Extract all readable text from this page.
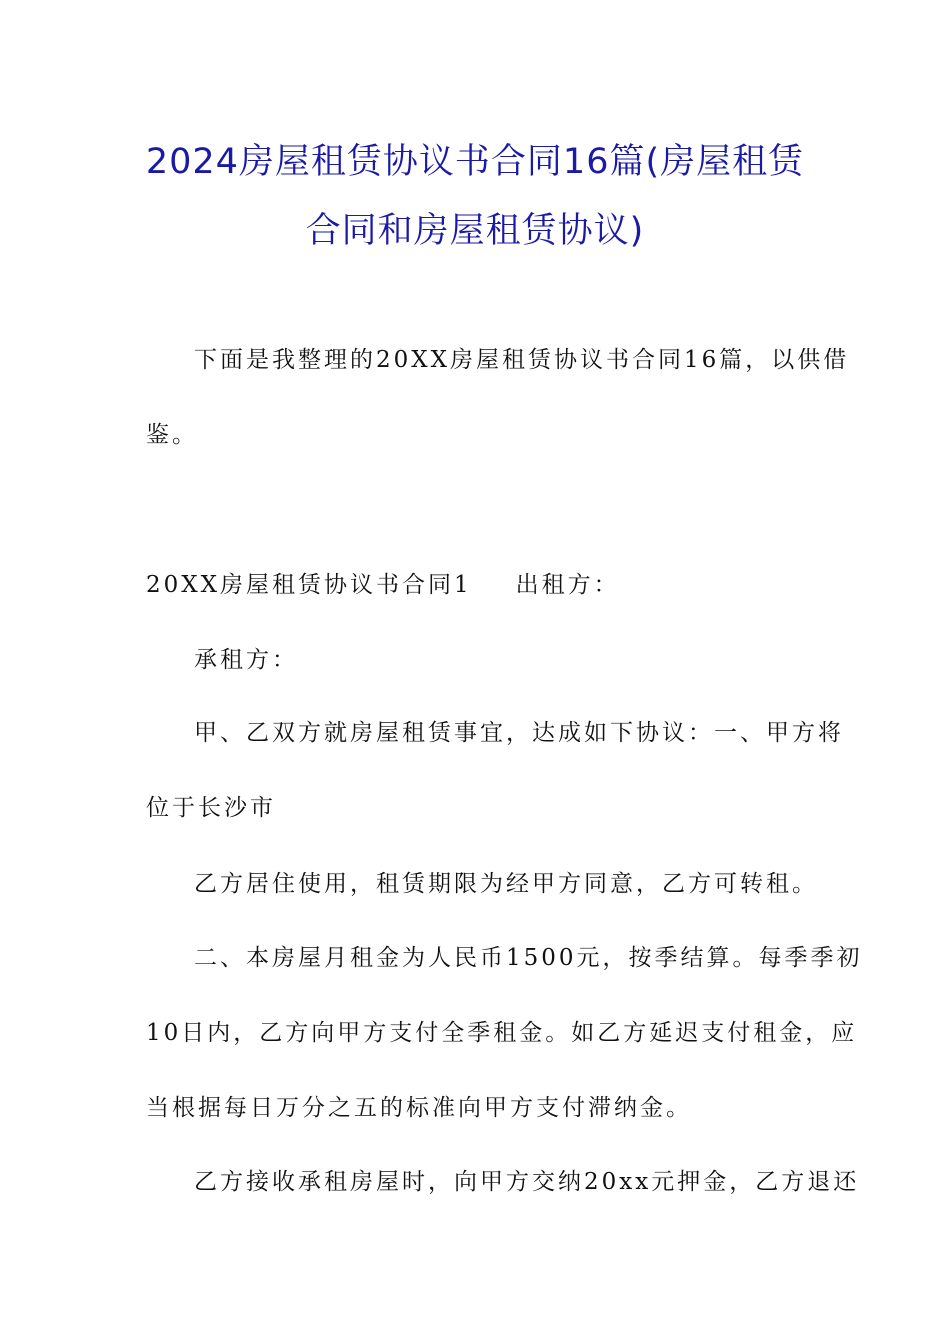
2024房屋租赁协议书合同16篇(房屋租赁
合同和房屋租赁协议)
下面是我整理的20XX房屋租赁协议书合同16篇，以供借
鉴。
20XX房屋租赁协议书合同1 出租方：
承租方：
甲、乙双方就房屋租赁事宜，达成如下协议：一、甲方将
位于长沙市
乙方居住使用，租赁期限为经甲方同意，乙方可转租。
二、本房屋月租金为人民币1500元，按季结算。每季季初
10日内，乙方向甲方支付全季租金。如乙方延迟支付租金，应
当根据每日万分之五的标准向甲方支付滞纳金。
乙方接收承租房屋时，向甲方交纳20xx元押金，乙方退还
